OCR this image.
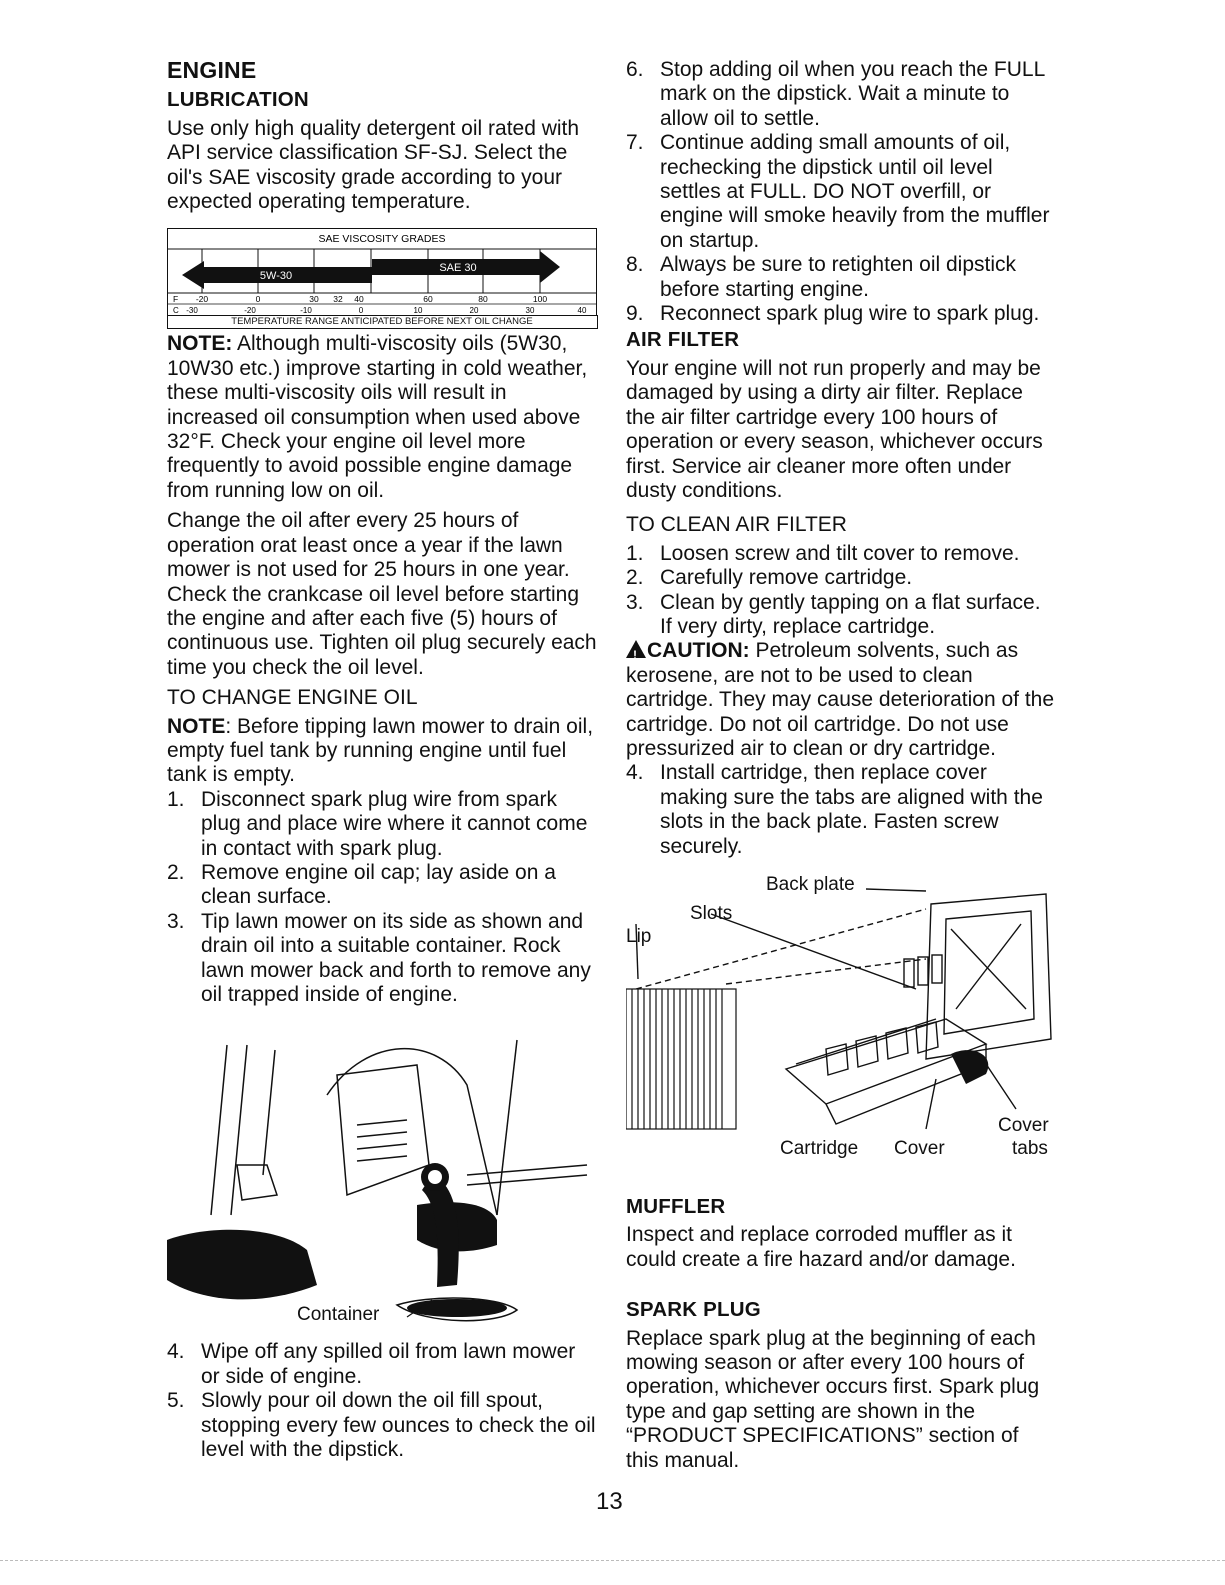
ENGINE
LUBRICATION

Use only high quality detergent oil rated with API service classification SF-SJ. Select the oil's SAE viscosity grade according to your expected operating temperature.

SAE VISCOSITY GRADES
5W-30
SAE 30
F -20	0	30 32 40	60	80	100
C -30	-20	-10	0	10	20	30	40
TEMPERATURE RANGE ANTICIPATED BEFORE NEXT OIL CHANGE

NOTE: Although multi-viscosity oils (5W30, 10W30 etc.) improve starting in cold weather, these multi-viscosity oils will result in increased oil consumption when used above 32°F. Check your engine oil level more frequently to avoid possible engine damage from running low on oil.

Change the oil after every 25 hours of operation orat least once a year if the lawn mower is not used for 25 hours in one year.

Check the crankcase oil level before starting the engine and after each five (5) hours of continuous use. Tighten oil plug securely each time you check the oil level.

TO CHANGE ENGINE OIL

NOTE: Before tipping lawn mower to drain oil, empty fuel tank by running engine until fuel tank is empty.

1. Disconnect spark plug wire from spark plug and place wire where it cannot come in contact with spark plug.
2. Remove engine oil cap; lay aside on a clean surface.
3. Tip lawn mower on its side as shown and drain oil into a suitable container. Rock lawn mower back and forth to remove any oil trapped inside of engine.
Container
4. Wipe off any spilled oil from lawn mower or side of engine.
5. Slowly pour oil down the oil fill spout, stopping every few ounces to check the oil level with the dipstick.
6. Stop adding oil when you reach the FULL mark on the dipstick. Wait a minute to allow oil to settle.
7. Continue adding small amounts of oil, rechecking the dipstick until oil level settles at FULL. DO NOT overfill, or engine will smoke heavily from the muffler on startup.
8. Always be sure to retighten oil dipstick before starting engine.
9. Reconnect spark plug wire to spark plug.
AIR FILTER

Your engine will not run properly and may be damaged by using a dirty air filter. Replace the air filter cartridge every 100 hours of operation or every season, whichever occurs first. Service air cleaner more often under dusty conditions.

TO CLEAN AIR FILTER

1. Loosen screw and tilt cover to remove.
2. Carefully remove cartridge.
3. Clean by gently tapping on a flat surface. If very dirty, replace cartridge.

!CAUTION: Petroleum solvents, such as kerosene, are not to be used to clean cartridge. They may cause deterioration of the cartridge. Do not oil cartridge. Do not use pressurized air to clean or dry cartridge.

4. Install cartridge, then replace cover making sure the tabs are aligned with the slots in the back plate. Fasten screw securely.
Back plate
Slots
Lip
Cartridge Cover
Cover
tabs
MUFFLER

Inspect and replace corroded muffler as it could create a fire hazard and/or damage.

SPARK PLUG

Replace spark plug at the beginning of each mowing season or after every 100 hours of operation, whichever occurs first. Spark plug type and gap setting are shown in the “PRODUCT SPECIFICATIONS” section of this manual.

13
